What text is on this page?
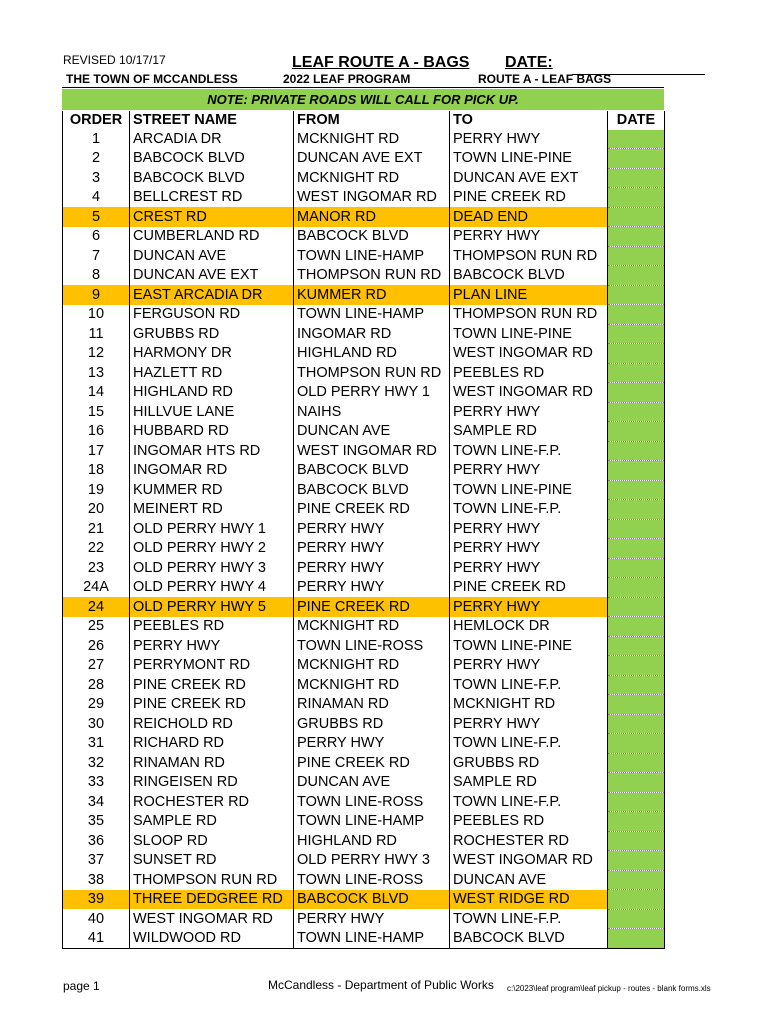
REVISED 10/17/17	LEAF ROUTE A - BAGS DATE:
THE TOWN OF MCCANDLESS	2022 LEAF PROGRAM	ROUTE A - LEAF BAGS
NOTE: PRIVATE ROADS WILL CALL FOR PICK UP.
ORDER	STREET NAME	FROM	TO	DATE
1	ARCADIA DR	MCKNIGHT RD	PERRY HWY	
2	BABCOCK BLVD	DUNCAN AVE EXT	TOWN LINE-PINE	
3	BABCOCK BLVD	MCKNIGHT RD	DUNCAN AVE EXT	
4	BELLCREST RD	WEST INGOMAR RD	PINE CREEK RD	
5	CREST RD	MANOR RD	DEAD END	
6	CUMBERLAND RD	BABCOCK BLVD	PERRY HWY	
7	DUNCAN AVE	TOWN LINE-HAMP	THOMPSON RUN RD	
8	DUNCAN AVE EXT	THOMPSON RUN RD	BABCOCK BLVD	
9	EAST ARCADIA DR	KUMMER RD	PLAN LINE	
10	FERGUSON RD	TOWN LINE-HAMP	THOMPSON RUN RD	
11	GRUBBS RD	INGOMAR RD	TOWN LINE-PINE	
12	HARMONY DR	HIGHLAND RD	WEST INGOMAR RD	
13	HAZLETT RD	THOMPSON RUN RD	PEEBLES RD	
14	HIGHLAND RD	OLD PERRY HWY 1	WEST INGOMAR RD	
15	HILLVUE LANE	NAIHS	PERRY HWY	
16	HUBBARD RD	DUNCAN AVE	SAMPLE RD	
17	INGOMAR HTS RD	WEST INGOMAR RD	TOWN LINE-F.P.	
18	INGOMAR RD	BABCOCK BLVD	PERRY HWY	
19	KUMMER RD	BABCOCK BLVD	TOWN LINE-PINE	
20	MEINERT RD	PINE CREEK RD	TOWN LINE-F.P.	
21	OLD PERRY HWY 1	PERRY HWY	PERRY HWY	
22	OLD PERRY HWY 2	PERRY HWY	PERRY HWY	
23	OLD PERRY HWY 3	PERRY HWY	PERRY HWY	
24A	OLD PERRY HWY 4	PERRY HWY	PINE CREEK RD	
24	OLD PERRY HWY 5	PINE CREEK RD	PERRY HWY	
25	PEEBLES RD	MCKNIGHT RD	HEMLOCK DR	
26	PERRY HWY	TOWN LINE-ROSS	TOWN LINE-PINE	
27	PERRYMONT RD	MCKNIGHT RD	PERRY HWY	
28	PINE CREEK RD	MCKNIGHT RD	TOWN LINE-F.P.	
29	PINE CREEK RD	RINAMAN RD	MCKNIGHT RD	
30	REICHOLD RD	GRUBBS RD	PERRY HWY	
31	RICHARD RD	PERRY HWY	TOWN LINE-F.P.	
32	RINAMAN RD	PINE CREEK RD	GRUBBS RD	
33	RINGEISEN RD	DUNCAN AVE	SAMPLE RD	
34	ROCHESTER RD	TOWN LINE-ROSS	TOWN LINE-F.P.	
35	SAMPLE RD	TOWN LINE-HAMP	PEEBLES RD	
36	SLOOP RD	HIGHLAND RD	ROCHESTER RD	
37	SUNSET RD	OLD PERRY HWY 3	WEST INGOMAR RD	
38	THOMPSON RUN RD	TOWN LINE-ROSS	DUNCAN AVE	
39	THREE DEDGREE RD	BABCOCK BLVD	WEST RIDGE RD	
40	WEST INGOMAR RD	PERRY HWY	TOWN LINE-F.P.	
41	WILDWOOD RD	TOWN LINE-HAMP	BABCOCK BLVD	
page 1	McCandless - Department of Public Works c:\2023\leaf program\leaf pickup - routes - blank forms.xls
